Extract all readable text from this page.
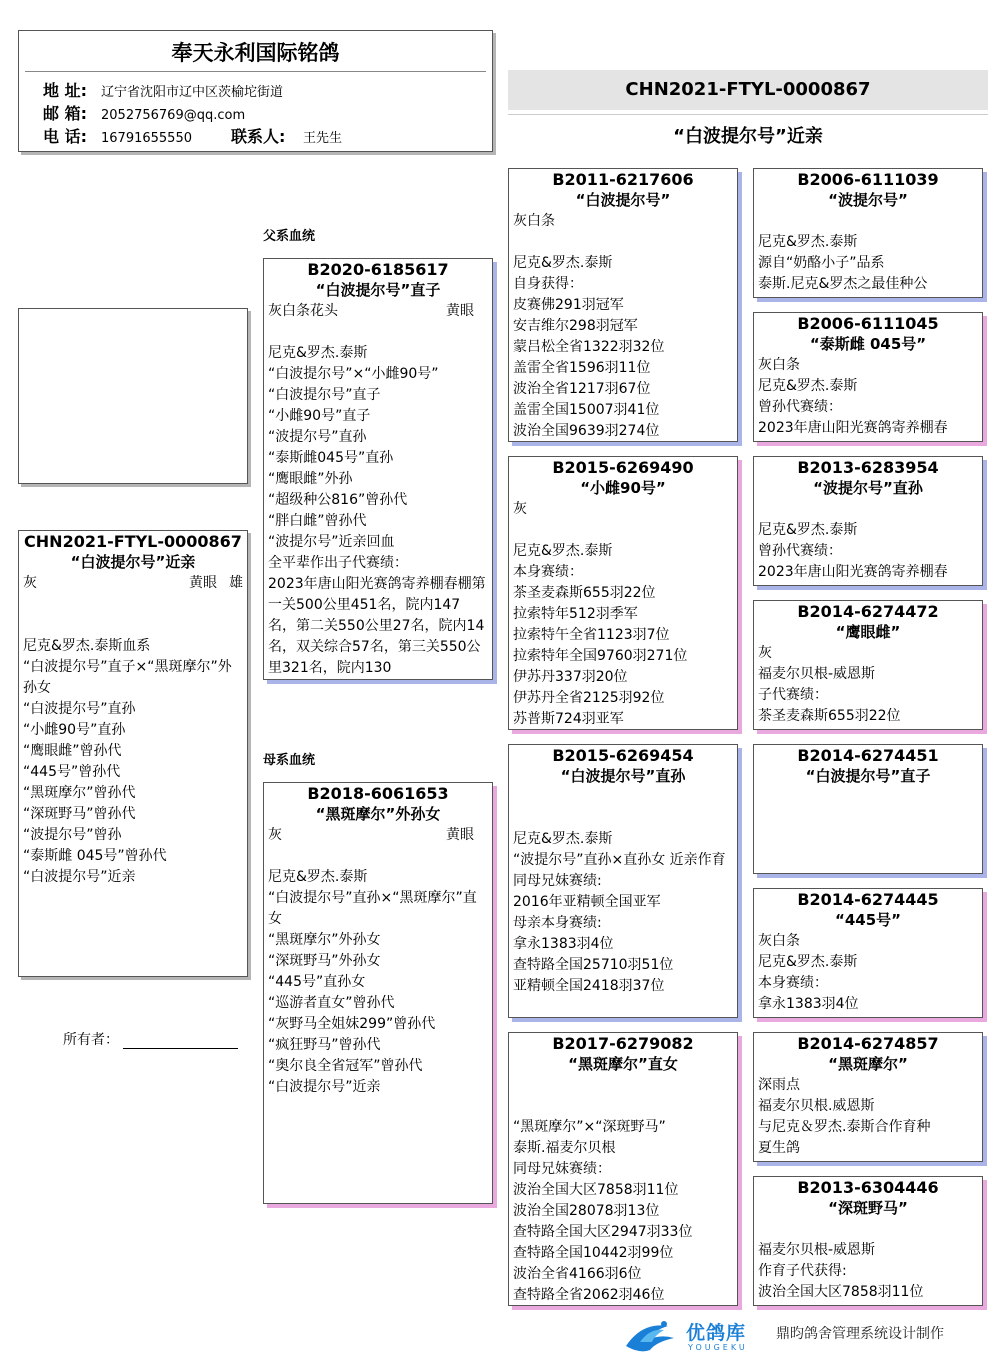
奉天永利国际铭鸽
地 址: 辽宁省沈阳市辽中区茨榆坨街道
邮 箱: 2052756769@qq.com
电 话: 16791655550 联系人: 王先生
CHN2021-FTYL-0000867
“白波提尔号”近亲
父系血统
母系血统
CHN2021-FTYL-0000867
“白波提尔号”近亲
灰	黄眼 雄
尼克&罗杰.泰斯血系
“白波提尔号”直子×“黑斑摩尔”外孙女
“白波提尔号”直孙
“小雌90号”直孙
“鹰眼雌”曾孙代
“445号”曾孙代
“黑斑摩尔”曾孙代
“深斑野马”曾孙代
“波提尔号”曾孙
“泰斯雌 045号”曾孙代
“白波提尔号”近亲
B2020-6185617
“白波提尔号”直子
灰白条花头	黄眼

尼克&罗杰.泰斯
“白波提尔号”×“小雌90号”
“白波提尔号”直子
“小雌90号”直子
“波提尔号”直孙
“泰斯雌045号”直孙
“鹰眼雌”外孙
“超级种公816”曾孙代
“胖白雌”曾孙代
“波提尔号”近亲回血
全平辈作出子代赛绩：
2023年唐山阳光赛鸽寄养棚春棚第一关500公里451名，院内147名，第二关550公里27名，院内14名，双关综合57名，第三关550公里321名，院内130
B2018-6061653
“黑斑摩尔”外孙女
灰	黄眼

尼克&罗杰.泰斯
“白波提尔号”直孙×“黑斑摩尔”直女
“黑斑摩尔”外孙女
“深斑野马”外孙女
“445号”直孙女
“巡游者直女”曾孙代
“灰野马全姐妹299”曾孙代
“疯狂野马”曾孙代
“奥尔良全省冠军”曾孙代
“白波提尔号”近亲
B2011-6217606
“白波提尔号”
灰白条

尼克&罗杰.泰斯
自身获得：
皮赛佛291羽冠军
安吉维尔298羽冠军
蒙吕松全省1322羽32位
盖雷全省1596羽11位
波治全省1217羽67位
盖雷全国15007羽41位
波治全国9639羽274位
B2015-6269490
“小雌90号”
灰

尼克&罗杰.泰斯
本身赛绩：
茶圣麦森斯655羽22位
拉索特年512羽季军
拉索特午全省1123羽7位
拉索特年全国9760羽271位
伊苏丹337羽20位
伊苏丹全省2125羽92位
苏普斯724羽亚军
B2015-6269454
“白波提尔号”直孙

尼克&罗杰.泰斯
“波提尔号”直孙×直孙女 近亲作育
同母兄妹赛绩:
2016年亚精顿全国亚军
母亲本身赛绩:
拿永1383羽4位
查特路全国25710羽51位
亚精顿全国2418羽37位
B2017-6279082
“黑斑摩尔”直女

“黑斑摩尔”×“深斑野马”
泰斯.福麦尔贝根
同母兄妹赛绩：
波治全国大区7858羽11位
波治全国28078羽13位
查特路全国大区2947羽33位
查特路全国10442羽99位
波治全省4166羽6位
查特路全省2062羽46位
B2006-6111039
“波提尔号”

尼克&罗杰.泰斯
源自“奶酪小子”品系
泰斯.尼克&罗杰之最佳种公
B2006-6111045
“泰斯雌 045号”
灰白条
尼克&罗杰.泰斯
曾孙代赛绩：
2023年唐山阳光赛鸽寄养棚春
B2013-6283954
“波提尔号”直孙

尼克&罗杰.泰斯
曾孙代赛绩：
2023年唐山阳光赛鸽寄养棚春
B2014-6274472
“鹰眼雌”
灰
福麦尔贝根-威恩斯
子代赛绩：
茶圣麦森斯655羽22位
B2014-6274451
“白波提尔号”直子
B2014-6274445
“445号”
灰白条
尼克&罗杰.泰斯
本身赛绩：
拿永1383羽4位
B2014-6274857
“黑斑摩尔”
深雨点
福麦尔贝根.威恩斯
与尼克＆罗杰.泰斯合作育种
夏生鸽
B2013-6304446
“深斑野马”

福麦尔贝根-威恩斯
作育子代获得:
波治全国大区7858羽11位
所有者：
优鸽库
YOUGEKU
鼎昀鸽舍管理系统设计制作
